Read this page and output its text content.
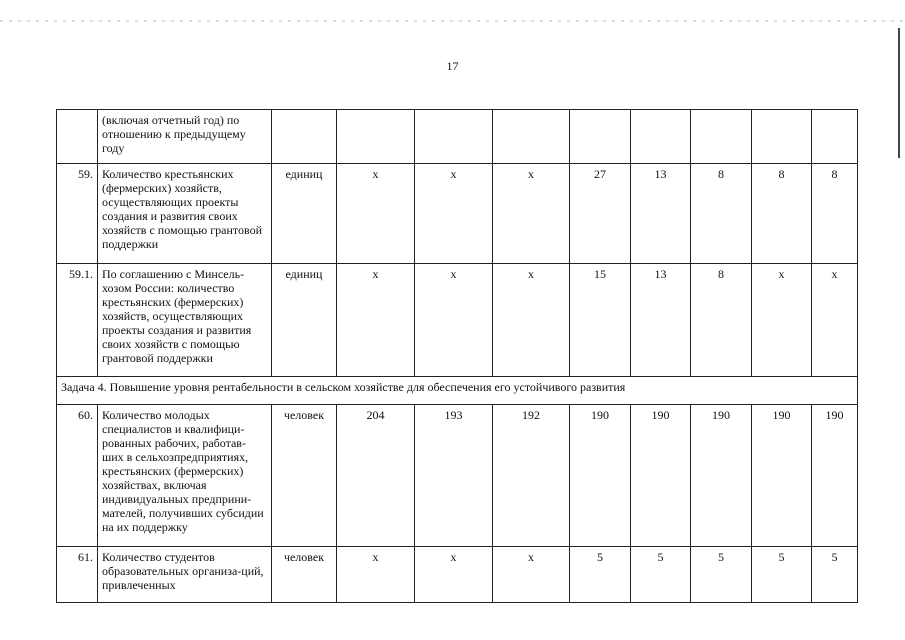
17
	(включая отчетный год) по отношению к предыдущему году									
59.	Количество крестьянских (фермерских) хозяйств, осуществляющих проекты создания и развития своих хозяйств с помощью грантовой поддержки	единиц	х	х	х	27	13	8	8	8
59.1.	По соглашению с Минсель-хозом России: количество крестьянских (фермерских) хозяйств, осуществляющих проекты создания и развития своих хозяйств с помощью грантовой поддержки	единиц	х	х	х	15	13	8	х	х
Задача 4. Повышение уровня рентабельности в сельском хозяйстве для обеспечения его устойчивого развития										
60.	Количество молодых специалистов и квалифици-рованных рабочих, работав-ших в сельхозпредприятиях, крестьянских (фермерских) хозяйствах, включая индивидуальных предприни-мателей, получивших субсидии на их поддержку	человек	204	193	192	190	190	190	190	190
61.	Количество студентов образовательных организа-ций, привлеченных	человек	х	х	х	5	5	5	5	5
